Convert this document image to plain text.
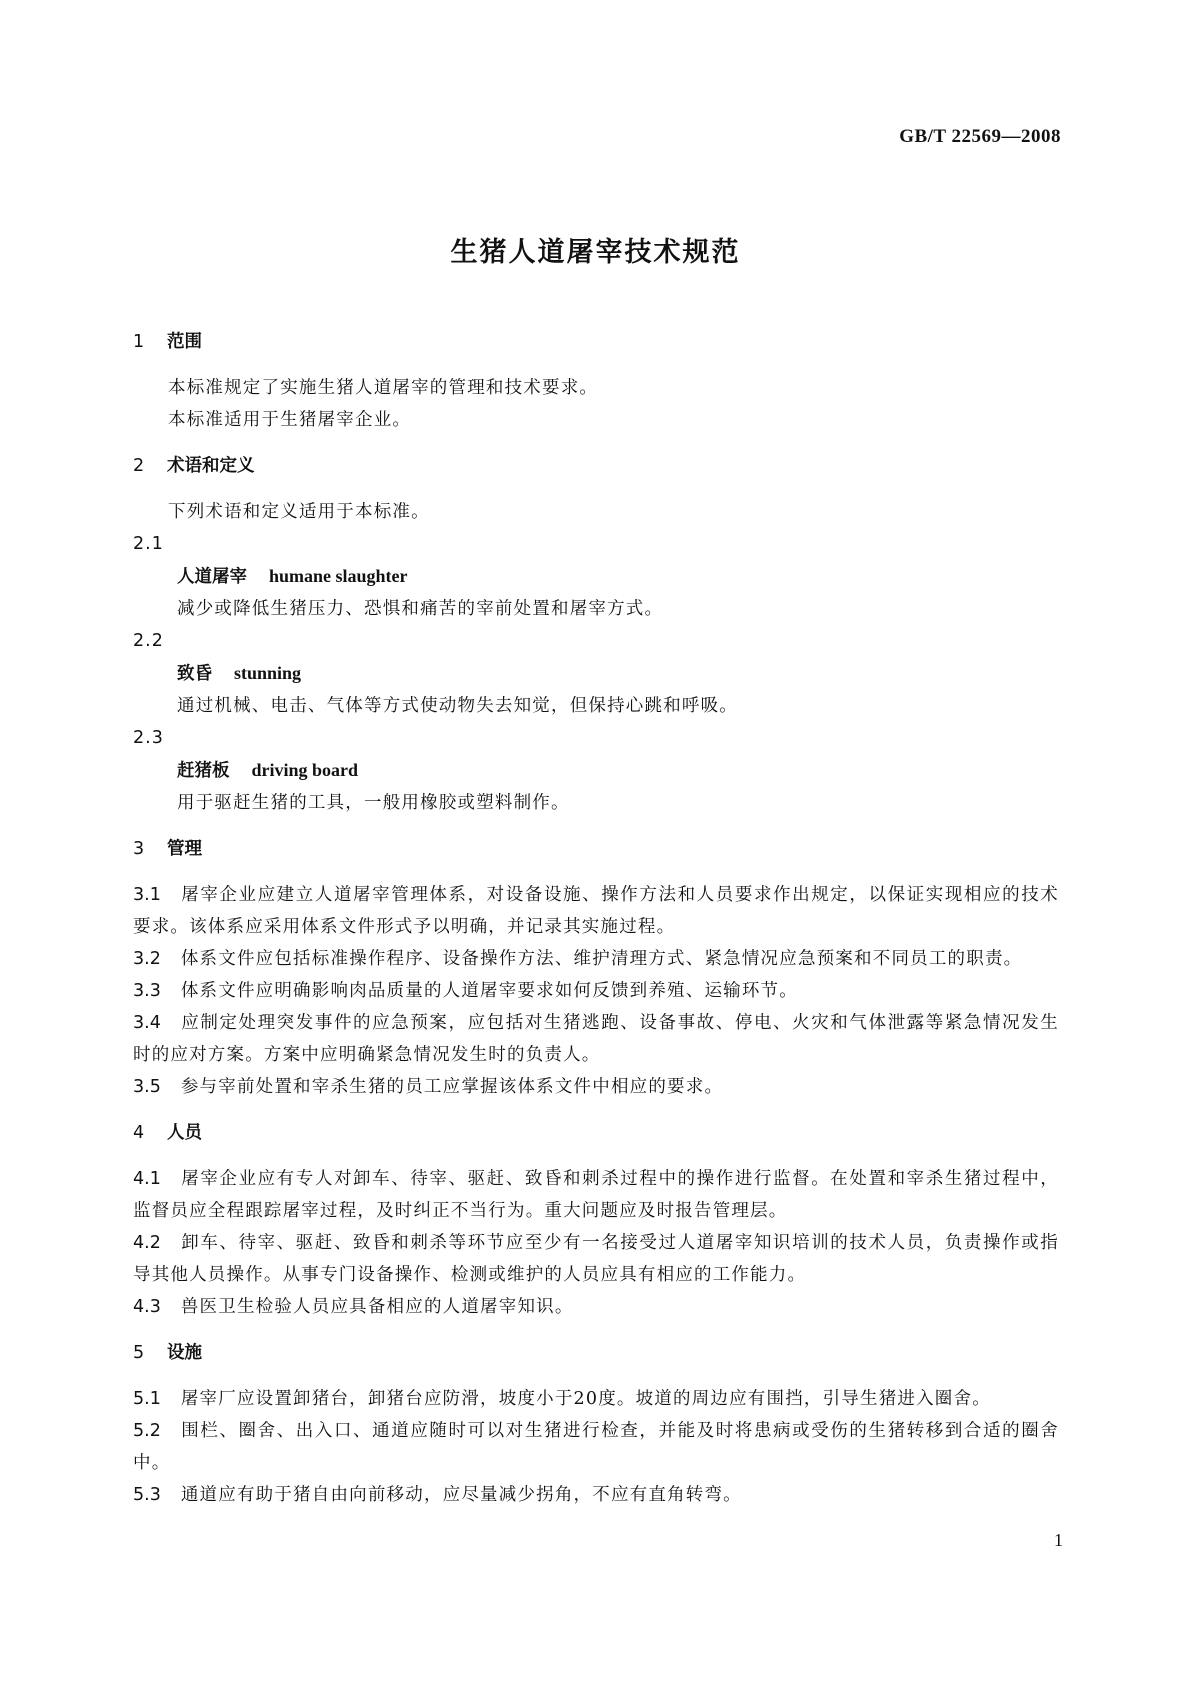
GB/T 22569—2008
生猪人道屠宰技术规范
1 范围

本标准规定了实施生猪人道屠宰的管理和技术要求。

本标准适用于生猪屠宰企业。

2 术语和定义

下列术语和定义适用于本标准。

2.1

人道屠宰 humane slaughter

减少或降低生猪压力、恐惧和痛苦的宰前处置和屠宰方式。

2.2

致昏 stunning

通过机械、电击、气体等方式使动物失去知觉，但保持心跳和呼吸。

2.3

赶猪板 driving board

用于驱赶生猪的工具，一般用橡胶或塑料制作。

3 管理

3.1 屠宰企业应建立人道屠宰管理体系，对设备设施、操作方法和人员要求作出规定，以保证实现相应的技术要求。该体系应采用体系文件形式予以明确，并记录其实施过程。

3.2 体系文件应包括标准操作程序、设备操作方法、维护清理方式、紧急情况应急预案和不同员工的职责。

3.3 体系文件应明确影响肉品质量的人道屠宰要求如何反馈到养殖、运输环节。

3.4 应制定处理突发事件的应急预案，应包括对生猪逃跑、设备事故、停电、火灾和气体泄露等紧急情况发生时的应对方案。方案中应明确紧急情况发生时的负责人。

3.5 参与宰前处置和宰杀生猪的员工应掌握该体系文件中相应的要求。

4 人员

4.1 屠宰企业应有专人对卸车、待宰、驱赶、致昏和刺杀过程中的操作进行监督。在处置和宰杀生猪过程中，监督员应全程跟踪屠宰过程，及时纠正不当行为。重大问题应及时报告管理层。

4.2 卸车、待宰、驱赶、致昏和刺杀等环节应至少有一名接受过人道屠宰知识培训的技术人员，负责操作或指导其他人员操作。从事专门设备操作、检测或维护的人员应具有相应的工作能力。

4.3 兽医卫生检验人员应具备相应的人道屠宰知识。

5 设施

5.1 屠宰厂应设置卸猪台，卸猪台应防滑，坡度小于20度。坡道的周边应有围挡，引导生猪进入圈舍。

5.2 围栏、圈舍、出入口、通道应随时可以对生猪进行检查，并能及时将患病或受伤的生猪转移到合适的圈舍中。

5.3 通道应有助于猪自由向前移动，应尽量减少拐角，不应有直角转弯。

1
